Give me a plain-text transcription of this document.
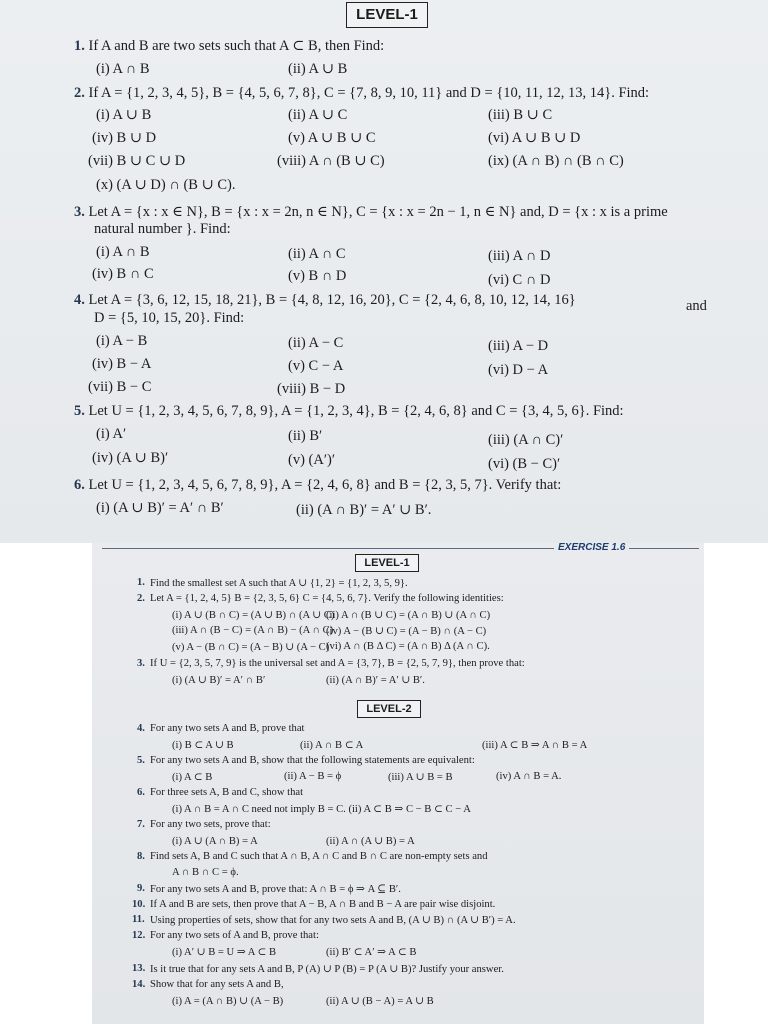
LEVEL-1
1. If A and B are two sets such that A ⊂ B, then Find:
(i) A ∩ B	(ii) A ∪ B
2. If A = {1, 2, 3, 4, 5}, B = {4, 5, 6, 7, 8}, C = {7, 8, 9, 10, 11} and D = {10, 11, 12, 13, 14}. Find:
(i) A ∪ B	(ii) A ∪ C	(iii) B ∪ C
(iv) B ∪ D	(v) A ∪ B ∪ C	(vi) A ∪ B ∪ D
(vii) B ∪ C ∪ D	(viii) A ∩ (B ∪ C)	(ix) (A ∩ B) ∩ (B ∩ C)
(x) (A ∪ D) ∩ (B ∪ C).
3. Let A = {x : x ∈ N}, B = {x : x = 2n, n ∈ N}, C = {x : x = 2n − 1, n ∈ N} and, D = {x : x is a prime
natural number }. Find:
(i) A ∩ B	(ii) A ∩ C	(iii) A ∩ D
(iv) B ∩ C	(v) B ∩ D	(vi) C ∩ D
4. Let A = {3, 6, 12, 15, 18, 21}, B = {4, 8, 12, 16, 20}, C = {2, 4, 6, 8, 10, 12, 14, 16}	and
D = {5, 10, 15, 20}. Find:
(i) A − B	(ii) A − C	(iii) A − D
(iv) B − A	(v) C − A	(vi) D − A
(vii) B − C	(viii) B − D
5. Let U = {1, 2, 3, 4, 5, 6, 7, 8, 9}, A = {1, 2, 3, 4}, B = {2, 4, 6, 8} and C = {3, 4, 5, 6}. Find:
(i) A′	(ii) B′	(iii) (A ∩ C)′
(iv) (A ∪ B)′	(v) (A′)′	(vi) (B − C)′
6. Let U = {1, 2, 3, 4, 5, 6, 7, 8, 9}, A = {2, 4, 6, 8} and B = {2, 3, 5, 7}. Verify that:
(i) (A ∪ B)′ = A′ ∩ B′	(ii) (A ∩ B)′ = A′ ∪ B′.
EXERCISE 1.6
LEVEL-1
1. Find the smallest set A such that A ∪ {1, 2} = {1, 2, 3, 5, 9}.
2. Let A = {1, 2, 4, 5} B = {2, 3, 5, 6} C = {4, 5, 6, 7}. Verify the following identities:
(i) A ∪ (B ∩ C) = (A ∪ B) ∩ (A ∪ C)
(ii) A ∩ (B ∪ C) = (A ∩ B) ∪ (A ∩ C)
(iii) A ∩ (B − C) = (A ∩ B) − (A ∩ C)
(iv) A − (B ∪ C) = (A − B) ∩ (A − C)
(v) A − (B ∩ C) = (A − B) ∪ (A − C)
(vi) A ∩ (B Δ C) = (A ∩ B) Δ (A ∩ C).
3. If U = {2, 3, 5, 7, 9} is the universal set and A = {3, 7}, B = {2, 5, 7, 9}, then prove that:
(i) (A ∪ B)′ = A′ ∩ B′	(ii) (A ∩ B)′ = A′ ∪ B′.
4. For any two sets A and B, prove that
(i) B ⊂ A ∪ B	(ii) A ∩ B ⊂ A	(iii) A ⊂ B ⇒ A ∩ B = A
5. For any two sets A and B, show that the following statements are equivalent:
(i) A ⊂ B	(ii) A − B = ϕ	(iii) A ∪ B = B	(iv) A ∩ B = A.
6. For three sets A, B and C, show that
(i) A ∩ B = A ∩ C need not imply B = C. (ii) A ⊂ B ⇒ C − B ⊂ C − A
7. For any two sets, prove that:
(i) A ∪ (A ∩ B) = A	(ii) A ∩ (A ∪ B) = A
8. Find sets A, B and C such that A ∩ B, A ∩ C and B ∩ C are non-empty sets and
A ∩ B ∩ C = ϕ.
9. For any two sets A and B, prove that: A ∩ B = ϕ ⇒ A ⊆ B′.
10. If A and B are sets, then prove that A − B, A ∩ B and B − A are pair wise disjoint.
11. Using properties of sets, show that for any two sets A and B, (A ∪ B) ∩ (A ∪ B′) = A.
12. For any two sets of A and B, prove that:
(i) A′ ∪ B = U ⇒ A ⊂ B	(ii) B′ ⊂ A′ ⇒ A ⊂ B
13. Is it true that for any sets A and B, P (A) ∪ P (B) = P (A ∪ B)? Justify your answer.
14. Show that for any sets A and B,
(i) A = (A ∩ B) ∪ (A − B)	(ii) A ∪ (B − A) = A ∪ B
LEVEL-2
